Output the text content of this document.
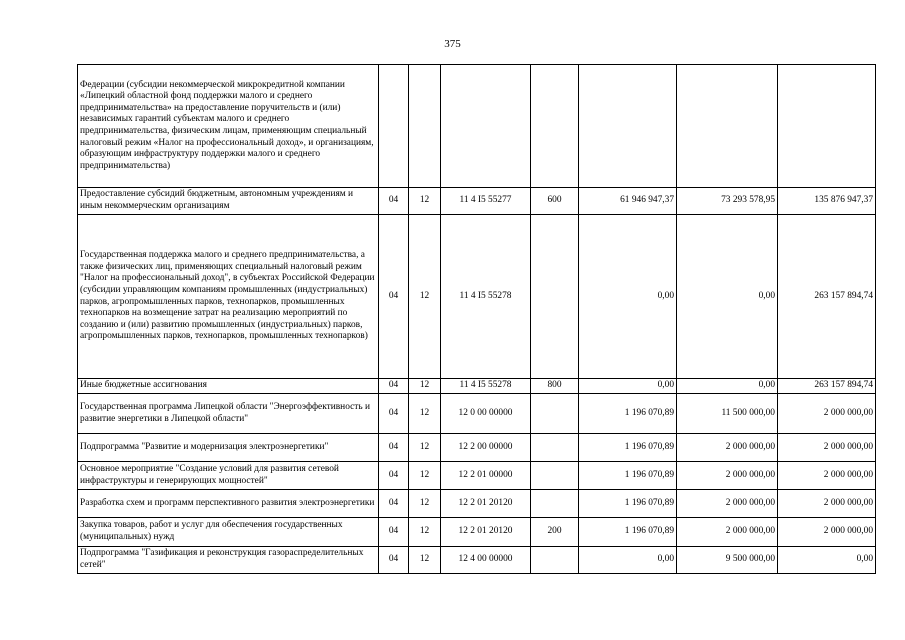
375
Федерации (субсидии некоммерческой микрокредитной компании «Липецкий областной фонд поддержки малого и среднего предпринимательства» на предоставление поручительств и (или) независимых гарантий субъектам малого и среднего предпринимательства, физическим лицам, применяющим специальный налоговый режим «Налог на профессиональный доход», и организациям, образующим инфраструктуру поддержки малого и среднего предпринимательства)							
Предоставление субсидий бюджетным, автономным учреждениям и иным некоммерческим организациям	04	12	11 4 I5 55277	600	61 946 947,37	73 293 578,95	135 876 947,37
Государственная поддержка малого и среднего предпринимательства, а также физических лиц, применяющих специальный налоговый режим "Налог на профессиональный доход", в субъектах Российской Федерации (субсидии управляющим компаниям промышленных (индустриальных) парков, агропромышленных парков, технопарков, промышленных технопарков на возмещение затрат на реализацию мероприятий по созданию и (или) развитию промышленных (индустриальных) парков, агропромышленных парков, технопарков, промышленных технопарков)	04	12	11 4 I5 55278		0,00	0,00	263 157 894,74
Иные бюджетные ассигнования	04	12	11 4 I5 55278	800	0,00	0,00	263 157 894,74
Государственная программа Липецкой области "Энергоэффективность и развитие энергетики в Липецкой области"	04	12	12 0 00 00000		1 196 070,89	11 500 000,00	2 000 000,00
Подпрограмма "Развитие и модернизация электроэнергетики"	04	12	12 2 00 00000		1 196 070,89	2 000 000,00	2 000 000,00
Основное мероприятие "Создание условий для развития сетевой инфраструктуры и генерирующих мощностей"	04	12	12 2 01 00000		1 196 070,89	2 000 000,00	2 000 000,00
Разработка схем и программ перспективного развития электроэнергетики	04	12	12 2 01 20120		1 196 070,89	2 000 000,00	2 000 000,00
Закупка товаров, работ и услуг для обеспечения государственных (муниципальных) нужд	04	12	12 2 01 20120	200	1 196 070,89	2 000 000,00	2 000 000,00
Подпрограмма "Газификация и реконструкция газораспределительных сетей"	04	12	12 4 00 00000		0,00	9 500 000,00	0,00
